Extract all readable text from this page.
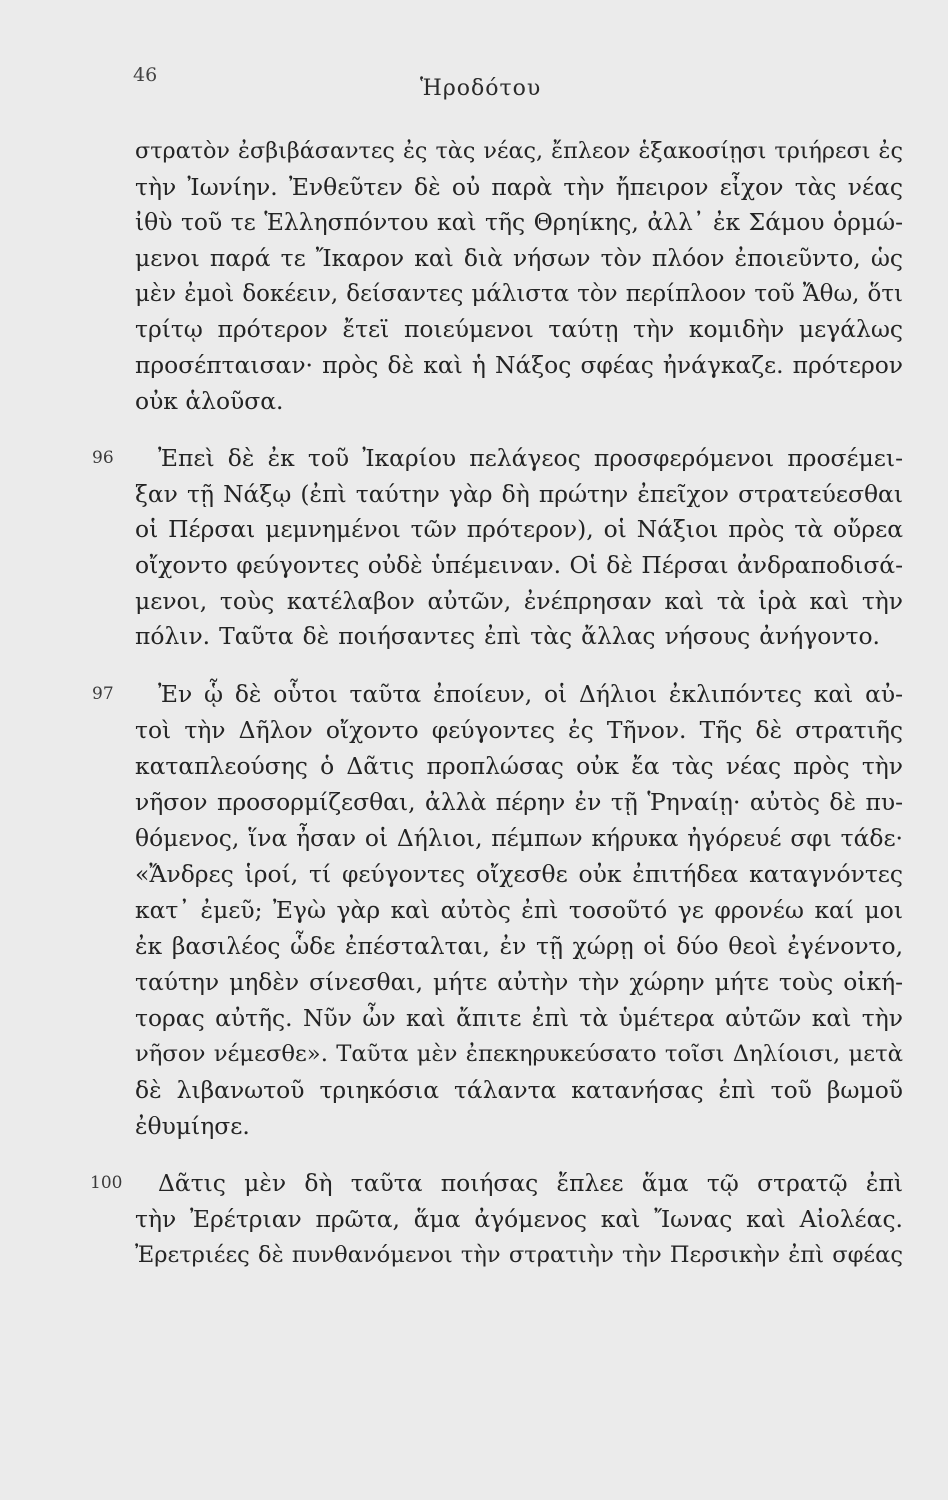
46
Ἡροδότου
στρατὸν ἐσβιβάσαντες ἐς τὰς νέας, ἔπλεον ἑξακοσίῃσι τριήρεσι ἐς
τὴν Ἰωνίην. Ἐνθεῦτεν δὲ οὐ παρὰ τὴν ἤπειρον εἶχον τὰς νέας
ἰθὺ τοῦ τε Ἑλλησπόντου καὶ τῆς Θρηίκης, ἀλλ᾽ ἐκ Σάμου ὁρμώ-
μενοι παρά τε Ἴκαρον καὶ διὰ νήσων τὸν πλόον ἐποιεῦντο, ὡς
μὲν ἐμοὶ δοκέειν, δείσαντες μάλιστα τὸν περίπλοον τοῦ Ἄθω, ὅτι
τρίτῳ πρότερον ἔτεϊ ποιεύμενοι ταύτῃ τὴν κομιδὴν μεγάλως
προσέπταισαν· πρὸς δὲ καὶ ἡ Νάξος σφέας ἠνάγκαζε. πρότερον
οὐκ ἁλοῦσα.
96 Ἐπεὶ δὲ ἐκ τοῦ Ἰκαρίου πελάγεος προσφερόμενοι προσέμει-
ξαν τῇ Νάξῳ (ἐπὶ ταύτην γὰρ δὴ πρώτην ἐπεῖχον στρατεύεσθαι
οἱ Πέρσαι μεμνημένοι τῶν πρότερον), οἱ Νάξιοι πρὸς τὰ οὔρεα
οἴχοντο φεύγοντες οὐδὲ ὑπέμειναν. Οἱ δὲ Πέρσαι ἀνδραποδισά-
μενοι, τοὺς κατέλαβον αὐτῶν, ἐνέπρησαν καὶ τὰ ἱρὰ καὶ τὴν
πόλιν. Ταῦτα δὲ ποιήσαντες ἐπὶ τὰς ἄλλας νήσους ἀνήγοντο.
97 Ἐν ᾧ δὲ οὗτοι ταῦτα ἐποίευν, οἱ Δήλιοι ἐκλιπόντες καὶ αὐ-
τοὶ τὴν Δῆλον οἴχοντο φεύγοντες ἐς Τῆνον. Τῆς δὲ στρατιῆς
καταπλεούσης ὁ Δᾶτις προπλώσας οὐκ ἔα τὰς νέας πρὸς τὴν
νῆσον προσορμίζεσθαι, ἀλλὰ πέρην ἐν τῇ Ῥηναίῃ· αὐτὸς δὲ πυ-
θόμενος, ἵνα ἦσαν οἱ Δήλιοι, πέμπων κήρυκα ἠγόρευέ σφι τάδε·
«Ἄνδρες ἱροί, τί φεύγοντες οἴχεσθε οὐκ ἐπιτήδεα καταγνόντες
κατ᾽ ἐμεῦ; Ἐγὼ γὰρ καὶ αὐτὸς ἐπὶ τοσοῦτό γε φρονέω καί μοι
ἐκ βασιλέος ὧδε ἐπέσταλται, ἐν τῇ χώρῃ οἱ δύο θεοὶ ἐγένοντο,
ταύτην μηδὲν σίνεσθαι, μήτε αὐτὴν τὴν χώρην μήτε τοὺς οἰκή-
τορας αὐτῆς. Νῦν ὦν καὶ ἄπιτε ἐπὶ τὰ ὑμέτερα αὐτῶν καὶ τὴν
νῆσον νέμεσθε». Ταῦτα μὲν ἐπεκηρυκεύσατο τοῖσι Δηλίοισι, μετὰ
δὲ λιβανωτοῦ τριηκόσια τάλαντα κατανήσας ἐπὶ τοῦ βωμοῦ
ἐθυμίησε.
100 Δᾶτις μὲν δὴ ταῦτα ποιήσας ἔπλεε ἅμα τῷ στρατῷ ἐπὶ
τὴν Ἐρέτριαν πρῶτα, ἅμα ἀγόμενος καὶ Ἴωνας καὶ Αἰολέας.
Ἐρετριέες δὲ πυνθανόμενοι τὴν στρατιὴν τὴν Περσικὴν ἐπὶ σφέας
